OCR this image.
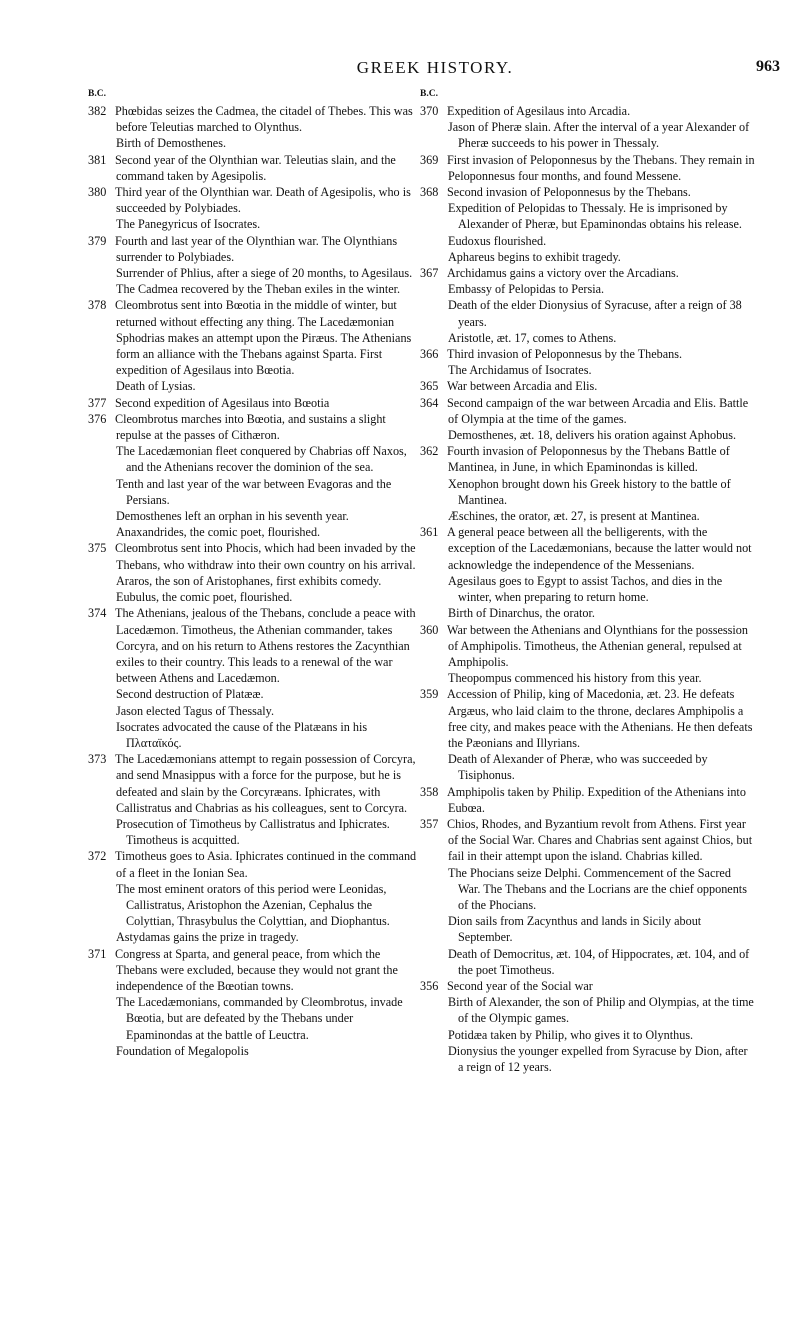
GREEK HISTORY.	963
B.C.
382 Phœbidas seizes the Cadmea, the citadel of Thebes. This was before Teleutias marched to Olynthus.
Birth of Demosthenes.
381 Second year of the Olynthian war. Teleutias slain, and the command taken by Agesipolis.
380 Third year of the Olynthian war. Death of Agesipolis, who is succeeded by Polybiades.
The Panegyricus of Isocrates.
379 Fourth and last year of the Olynthian war. The Olynthians surrender to Polybiades.
Surrender of Phlius, after a siege of 20 months, to Agesilaus.
The Cadmea recovered by the Theban exiles in the winter.
378 Cleombrotus sent into Bœotia in the middle of winter, but returned without effecting any thing. The Lacedæmonian Sphodrias makes an attempt upon the Piræus. The Athenians form an alliance with the Thebans against Sparta. First expedition of Agesilaus into Bœotia.
Death of Lysias.
377 Second expedition of Agesilaus into Bœotia
376 Cleombrotus marches into Bœotia, and sustains a slight repulse at the passes of Cithæron.
The Lacedæmonian fleet conquered by Chabrias off Naxos, and the Athenians recover the dominion of the sea.
Tenth and last year of the war between Evagoras and the Persians.
Demosthenes left an orphan in his seventh year.
Anaxandrides, the comic poet, flourished.
375 Cleombrotus sent into Phocis, which had been invaded by the Thebans, who withdraw into their own country on his arrival.
Araros, the son of Aristophanes, first exhibits comedy.
Eubulus, the comic poet, flourished.
374 The Athenians, jealous of the Thebans, conclude a peace with Lacedæmon. Timotheus, the Athenian commander, takes Corcyra, and on his return to Athens restores the Zacynthian exiles to their country. This leads to a renewal of the war between Athens and Lacedæmon.
Second destruction of Platææ.
Jason elected Tagus of Thessaly.
Isocrates advocated the cause of the Platæans in his Πλαταϊκός.
373 The Lacedæmonians attempt to regain possession of Corcyra, and send Mnasippus with a force for the purpose, but he is defeated and slain by the Corcyræans. Iphicrates, with Callistratus and Chabrias as his colleagues, sent to Corcyra.
Prosecution of Timotheus by Callistratus and Iphicrates. Timotheus is acquitted.
372 Timotheus goes to Asia. Iphicrates continued in the command of a fleet in the Ionian Sea.
The most eminent orators of this period were Leonidas, Callistratus, Aristophon the Azenian, Cephalus the Colyttian, Thrasybulus the Colyttian, and Diophantus.
Astydamas gains the prize in tragedy.
371 Congress at Sparta, and general peace, from which the Thebans were excluded, because they would not grant the independence of the Bœotian towns.
The Lacedæmonians, commanded by Cleombrotus, invade Bœotia, but are defeated by the Thebans under Epaminondas at the battle of Leuctra.
Foundation of Megalopolis
B.C.
370 Expedition of Agesilaus into Arcadia.
Jason of Pheræ slain. After the interval of a year Alexander of Pheræ succeeds to his power in Thessaly.
369 First invasion of Peloponnesus by the Thebans. They remain in Peloponnesus four months, and found Messene.
368 Second invasion of Peloponnesus by the Thebans.
Expedition of Pelopidas to Thessaly. He is imprisoned by Alexander of Pheræ, but Epaminondas obtains his release.
Eudoxus flourished.
Aphareus begins to exhibit tragedy.
367 Archidamus gains a victory over the Arcadians.
Embassy of Pelopidas to Persia.
Death of the elder Dionysius of Syracuse, after a reign of 38 years.
Aristotle, æt. 17, comes to Athens.
366 Third invasion of Peloponnesus by the Thebans.
The Archidamus of Isocrates.
365 War between Arcadia and Elis.
364 Second campaign of the war between Arcadia and Elis. Battle of Olympia at the time of the games.
Demosthenes, æt. 18, delivers his oration against Aphobus.
362 Fourth invasion of Peloponnesus by the Thebans Battle of Mantinea, in June, in which Epaminondas is killed.
Xenophon brought down his Greek history to the battle of Mantinea.
Æschines, the orator, æt. 27, is present at Mantinea.
361 A general peace between all the belligerents, with the exception of the Lacedæmonians, because the latter would not acknowledge the independence of the Messenians.
Agesilaus goes to Egypt to assist Tachos, and dies in the winter, when preparing to return home.
Birth of Dinarchus, the orator.
360 War between the Athenians and Olynthians for the possession of Amphipolis. Timotheus, the Athenian general, repulsed at Amphipolis.
Theopompus commenced his history from this year.
359 Accession of Philip, king of Macedonia, æt. 23. He defeats Argæus, who laid claim to the throne, declares Amphipolis a free city, and makes peace with the Athenians. He then defeats the Pæonians and Illyrians.
Death of Alexander of Pheræ, who was succeeded by Tisiphonus.
358 Amphipolis taken by Philip. Expedition of the Athenians into Eubœa.
357 Chios, Rhodes, and Byzantium revolt from Athens. First year of the Social War. Chares and Chabrias sent against Chios, but fail in their attempt upon the island. Chabrias killed.
The Phocians seize Delphi. Commencement of the Sacred War. The Thebans and the Locrians are the chief opponents of the Phocians.
Dion sails from Zacynthus and lands in Sicily about September.
Death of Democritus, æt. 104, of Hippocrates, æt. 104, and of the poet Timotheus.
356 Second year of the Social war
Birth of Alexander, the son of Philip and Olympias, at the time of the Olympic games.
Potidæa taken by Philip, who gives it to Olynthus.
Dionysius the younger expelled from Syracuse by Dion, after a reign of 12 years.
